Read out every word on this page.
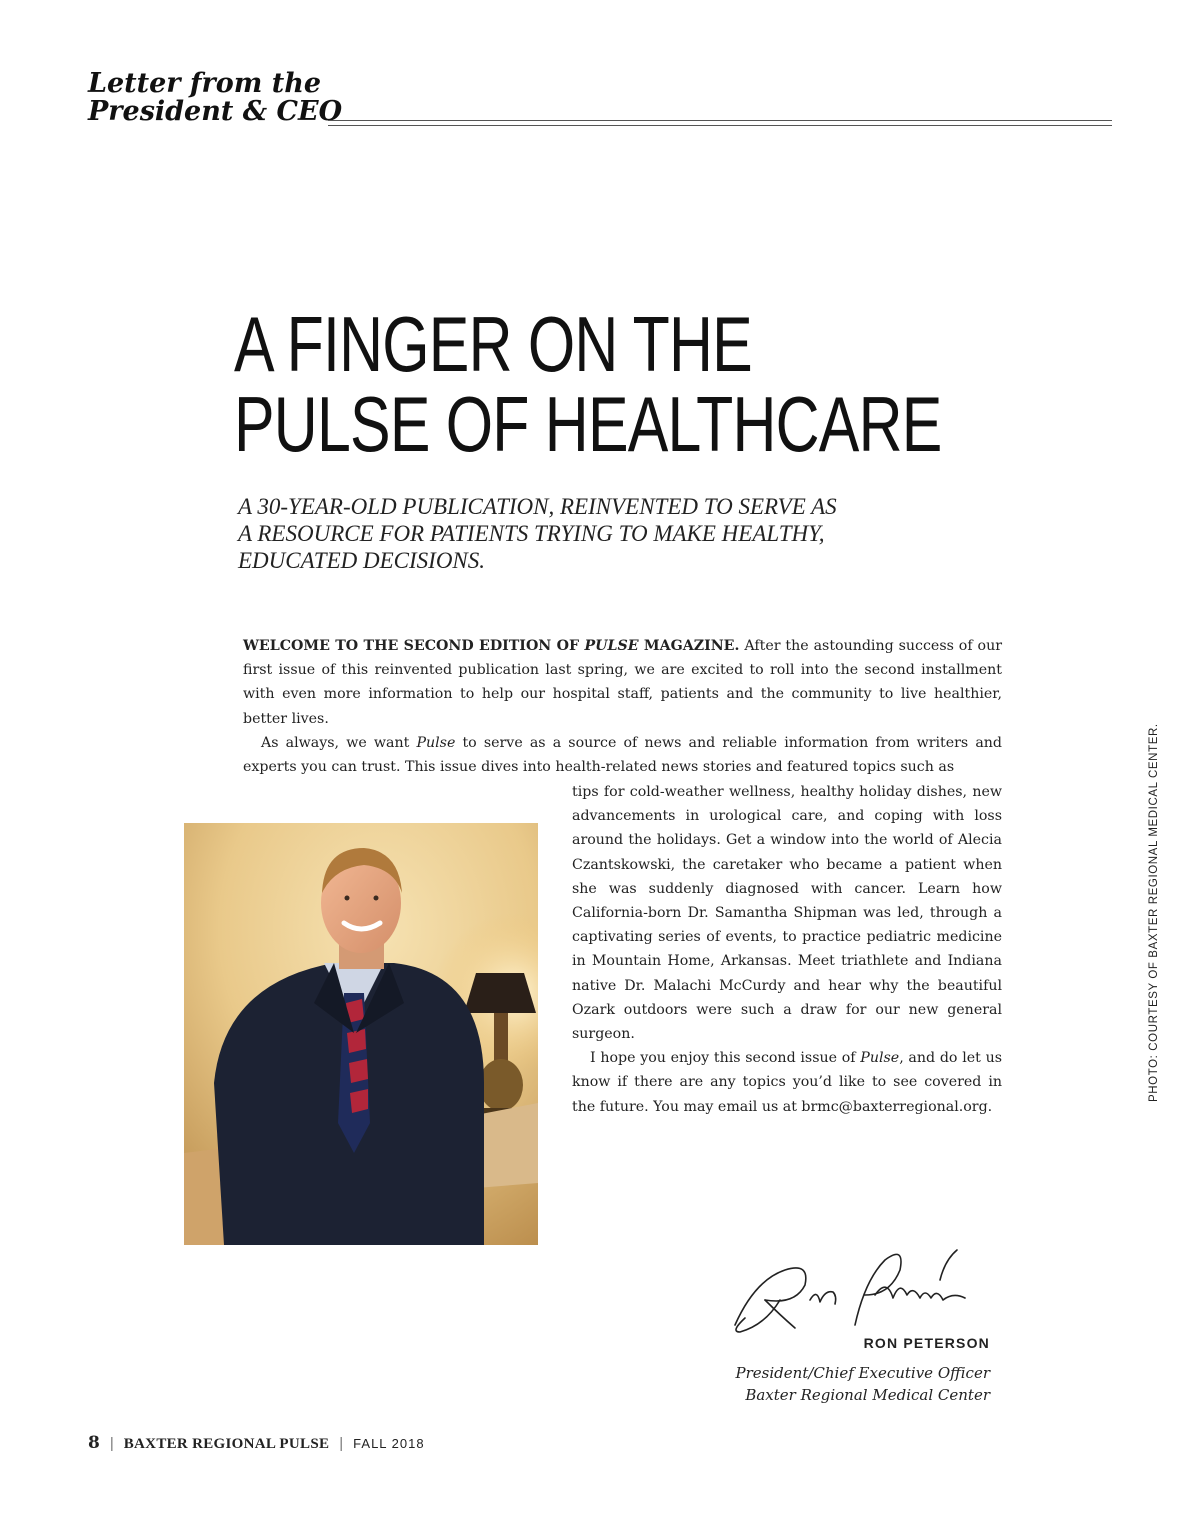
Letter from the
President & CEO
A FINGER ON THE
PULSE OF HEALTHCARE
A 30-YEAR-OLD PUBLICATION, REINVENTED TO SERVE AS
A RESOURCE FOR PATIENTS TRYING TO MAKE HEALTHY,
EDUCATED DECISIONS.

WELCOME TO THE SECOND EDITION OF PULSE MAGAZINE. After the astounding success of our first issue of this reinvented publication last spring, we are excited to roll into the second installment with even more information to help our hospital staff, patients and the community to live healthier, better lives.

As always, we want Pulse to serve as a source of news and reliable information from writers and experts you can trust. This issue dives into health-related news stories and featured topics such as

tips for cold-weather wellness, healthy holiday dishes, new advancements in urological care, and coping with loss around the holidays. Get a window into the world of Alecia Czantskowski, the caretaker who became a patient when she was suddenly diagnosed with cancer. Learn how California-born Dr. Samantha Shipman was led, through a captivating series of events, to practice pediatric medicine in Mountain Home, Arkansas. Meet triathlete and Indiana native Dr. Malachi McCurdy and hear why the beautiful Ozark outdoors were such a draw for our new general surgeon.

I hope you enjoy this second issue of Pulse, and do let us know if there are any topics you’d like to see covered in the future. You may email us at brmc@baxterregional.org.

RON PETERSON
President/Chief Executive Officer
Baxter Regional Medical Center
PHOTO: COURTESY OF BAXTER REGIONAL MEDICAL CENTER.
8 | BAXTER REGIONAL PULSE | FALL 2018
